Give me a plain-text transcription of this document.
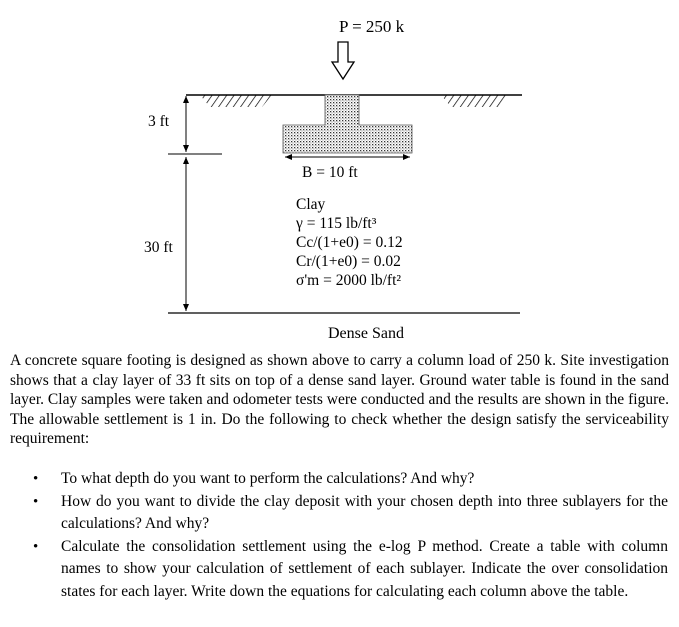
P = 250 k
3 ft
B = 10 ft
30 ft
Clay
γ = 115 lb/ft³
Cc/(1+e0) = 0.12
Cr/(1+e0) = 0.02
σ'm = 2000 lb/ft²
Dense Sand

A concrete square footing is designed as shown above to carry a column load of 250 k. Site investigation shows that a clay layer of 33 ft sits on top of a dense sand layer. Ground water table is found in the sand layer. Clay samples were taken and odometer tests were conducted and the results are shown in the figure. The allowable settlement is 1 in. Do the following to check whether the design satisfy the serviceability requirement:

• To what depth do you want to perform the calculations? And why?
• How do you want to divide the clay deposit with your chosen depth into three sublayers for the calculations? And why?
• Calculate the consolidation settlement using the e-log P method. Create a table with column names to show your calculation of settlement of each sublayer. Indicate the over consolidation states for each layer. Write down the equations for calculating each column above the table.
